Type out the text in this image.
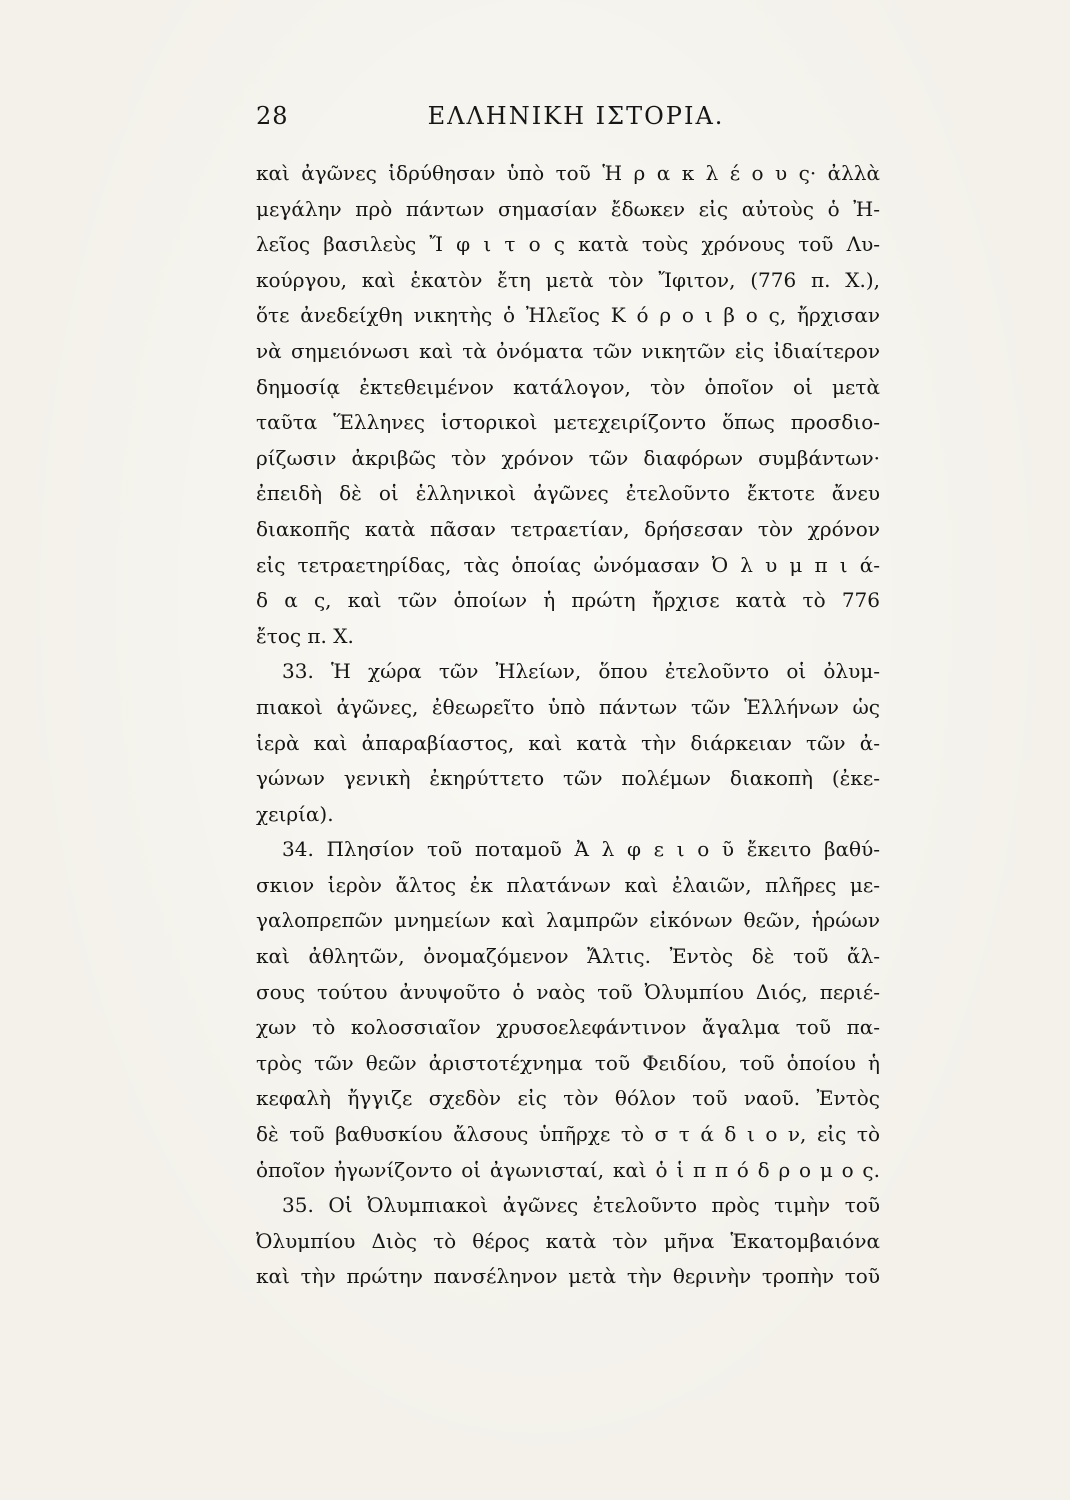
28	ΕΛΛΗΝΙΚΗ ΙΣΤΟΡΙΑ.
καὶ ἀγῶνες ἱδρύθησαν ὑπὸ τοῦ Ἡ ρ α κ λ έ ο υ ς· ἀλλὰ
μεγάλην πρὸ πάντων σημασίαν ἔδωκεν εἰς αὐτοὺς ὁ Ἠ-
λεῖος βασιλεὺς Ἴ φ ι τ ο ς κατὰ τοὺς χρόνους τοῦ Λυ-
κούργου, καὶ ἑκατὸν ἔτη μετὰ τὸν Ἴφιτον, (776 π. Χ.),
ὅτε ἀνεδείχθη νικητὴς ὁ Ἠλεῖος Κ ό ρ ο ι β ο ς, ἤρχισαν
νὰ σημειόνωσι καὶ τὰ ὀνόματα τῶν νικητῶν εἰς ἰδιαίτερον
δημοσίᾳ ἐκτεθειμένον κατάλογον, τὸν ὁποῖον οἱ μετὰ
ταῦτα Ἕλληνες ἱστορικοὶ μετεχειρίζοντο ὅπως προσδιο-
ρίζωσιν ἀκριβῶς τὸν χρόνον τῶν διαφόρων συμβάντων·
ἐπειδὴ δὲ οἱ ἑλληνικοὶ ἀγῶνες ἐτελοῦντο ἔκτοτε ἄνευ
διακοπῆς κατὰ πᾶσαν τετραετίαν, δρήσεσαν τὸν χρόνον
εἰς τετραετηρίδας, τὰς ὁποίας ὠνόμασαν Ὀ λ υ μ π ι ά-
δ α ς, καὶ τῶν ὁποίων ἡ πρώτη ἤρχισε κατὰ τὸ 776
ἔτος π. Χ.
33. Ἡ χώρα τῶν Ἠλείων, ὅπου ἐτελοῦντο οἱ ὀλυμ-
πιακοὶ ἀγῶνες, ἐθεωρεῖτο ὑπὸ πάντων τῶν Ἑλλήνων ὡς
ἱερὰ καὶ ἀπαραβίαστος, καὶ κατὰ τὴν διάρκειαν τῶν ἀ-
γώνων γενικὴ ἐκηρύττετο τῶν πολέμων διακοπὴ (ἐκε-
χειρία).
34. Πλησίον τοῦ ποταμοῦ Ἀ λ φ ε ι ο ῦ ἔκειτο βαθύ-
σκιον ἱερὸν ἄλτος ἐκ πλατάνων καὶ ἐλαιῶν, πλῆρες με-
γαλοπρεπῶν μνημείων καὶ λαμπρῶν εἰκόνων θεῶν, ἡρώων
καὶ ἀθλητῶν, ὀνομαζόμενον Ἄλτις. Ἐντὸς δὲ τοῦ ἄλ-
σους τούτου ἀνυψοῦτο ὁ ναὸς τοῦ Ὀλυμπίου Διός, περιέ-
χων τὸ κολοσσιαῖον χρυσοελεφάντινον ἄγαλμα τοῦ πα-
τρὸς τῶν θεῶν ἀριστοτέχνημα τοῦ Φειδίου, τοῦ ὁποίου ἡ
κεφαλὴ ἤγγιζε σχεδὸν εἰς τὸν θόλον τοῦ ναοῦ. Ἐντὸς
δὲ τοῦ βαθυσκίου ἄλσους ὑπῆρχε τὸ σ τ ά δ ι ο ν, εἰς τὸ
ὁποῖον ἠγωνίζοντο οἱ ἀγωνισταί, καὶ ὁ ἱ π π ό δ ρ ο μ ο ς.
35. Οἱ Ὀλυμπιακοὶ ἀγῶνες ἐτελοῦντο πρὸς τιμὴν τοῦ
Ὀλυμπίου Διὸς τὸ θέρος κατὰ τὸν μῆνα Ἑκατομβαιόνα
καὶ τὴν πρώτην πανσέληνον μετὰ τὴν θερινὴν τροπὴν τοῦ
